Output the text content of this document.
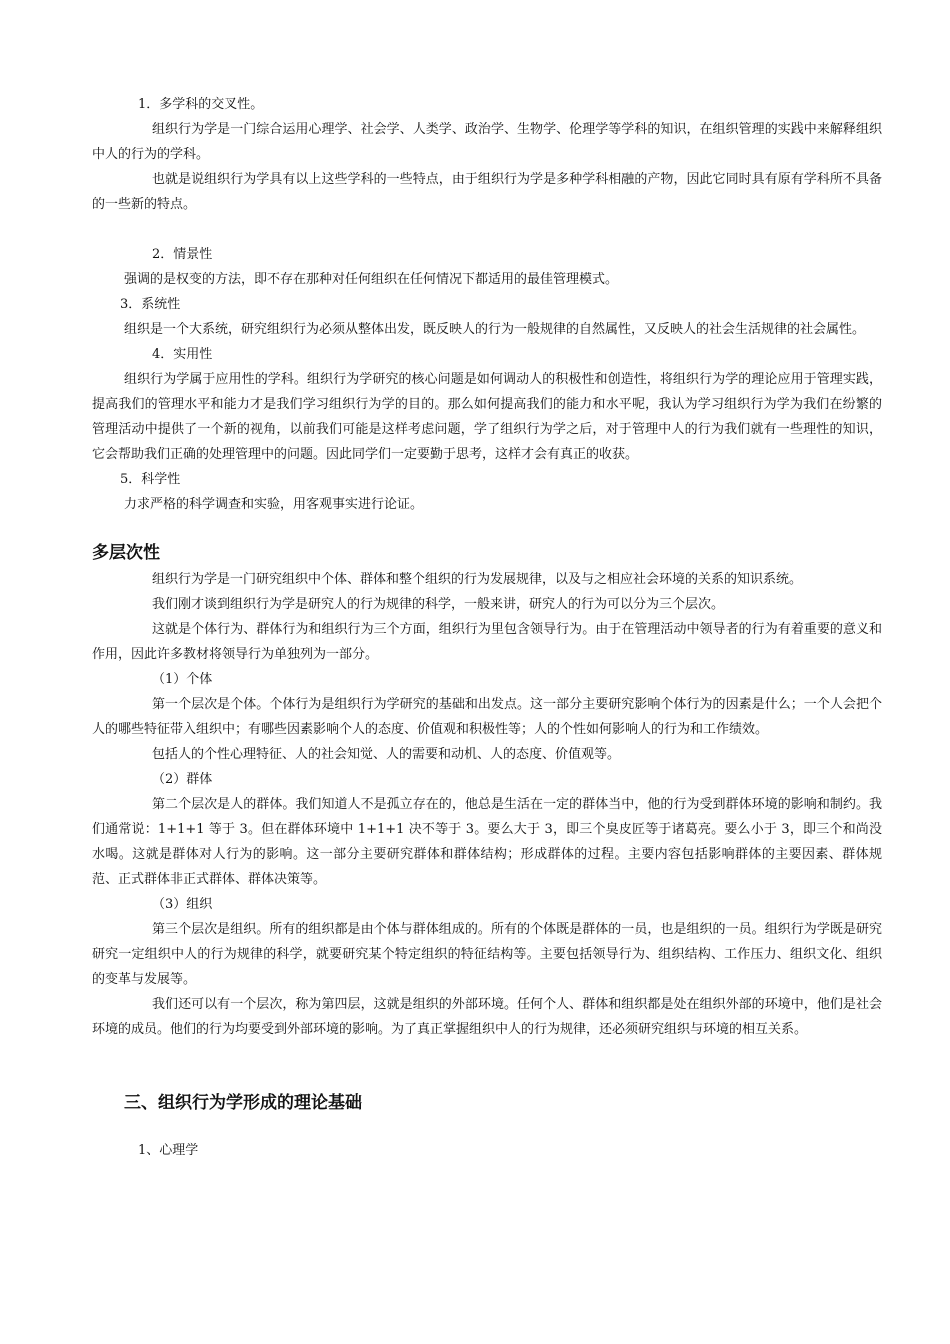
1．多学科的交叉性。

组织行为学是一门综合运用心理学、社会学、人类学、政治学、生物学、伦理学等学科的知识，在组织管理的实践中来解释组织中人的行为的学科。

也就是说组织行为学具有以上这些学科的一些特点，由于组织行为学是多种学科相融的产物，因此它同时具有原有学科所不具备的一些新的特点。

2．情景性

强调的是权变的方法，即不存在那种对任何组织在任何情况下都适用的最佳管理模式。

3．系统性

组织是一个大系统，研究组织行为必须从整体出发，既反映人的行为一般规律的自然属性，又反映人的社会生活规律的社会属性。

4．实用性

组织行为学属于应用性的学科。组织行为学研究的核心问题是如何调动人的积极性和创造性，将组织行为学的理论应用于管理实践，提高我们的管理水平和能力才是我们学习组织行为学的目的。那么如何提高我们的能力和水平呢，我认为学习组织行为学为我们在纷繁的管理活动中提供了一个新的视角，以前我们可能是这样考虑问题，学了组织行为学之后，对于管理中人的行为我们就有一些理性的知识，它会帮助我们正确的处理管理中的问题。因此同学们一定要勤于思考，这样才会有真正的收获。

5．科学性

力求严格的科学调查和实验，用客观事实进行论证。

多层次性

组织行为学是一门研究组织中个体、群体和整个组织的行为发展规律，以及与之相应社会环境的关系的知识系统。

我们刚才谈到组织行为学是研究人的行为规律的科学，一般来讲，研究人的行为可以分为三个层次。

这就是个体行为、群体行为和组织行为三个方面，组织行为里包含领导行为。由于在管理活动中领导者的行为有着重要的意义和作用，因此许多教材将领导行为单独列为一部分。

（1）个体

第一个层次是个体。个体行为是组织行为学研究的基础和出发点。这一部分主要研究影响个体行为的因素是什么；一个人会把个人的哪些特征带入组织中；有哪些因素影响个人的态度、价值观和积极性等；人的个性如何影响人的行为和工作绩效。

包括人的个性心理特征、人的社会知觉、人的需要和动机、人的态度、价值观等。

（2）群体

第二个层次是人的群体。我们知道人不是孤立存在的，他总是生活在一定的群体当中，他的行为受到群体环境的影响和制约。我们通常说：1+1+1 等于 3。但在群体环境中 1+1+1 决不等于 3。要么大于 3，即三个臭皮匠等于诸葛亮。要么小于 3，即三个和尚没水喝。这就是群体对人行为的影响。这一部分主要研究群体和群体结构；形成群体的过程。主要内容包括影响群体的主要因素、群体规范、正式群体非正式群体、群体决策等。

（3）组织

第三个层次是组织。所有的组织都是由个体与群体组成的。所有的个体既是群体的一员，也是组织的一员。组织行为学既是研究研究一定组织中人的行为规律的科学，就要研究某个特定组织的特征结构等。主要包括领导行为、组织结构、工作压力、组织文化、组织的变革与发展等。

我们还可以有一个层次，称为第四层，这就是组织的外部环境。任何个人、群体和组织都是处在组织外部的环境中，他们是社会环境的成员。他们的行为均要受到外部环境的影响。为了真正掌握组织中人的行为规律，还必须研究组织与环境的相互关系。

三、组织行为学形成的理论基础

1、心理学
